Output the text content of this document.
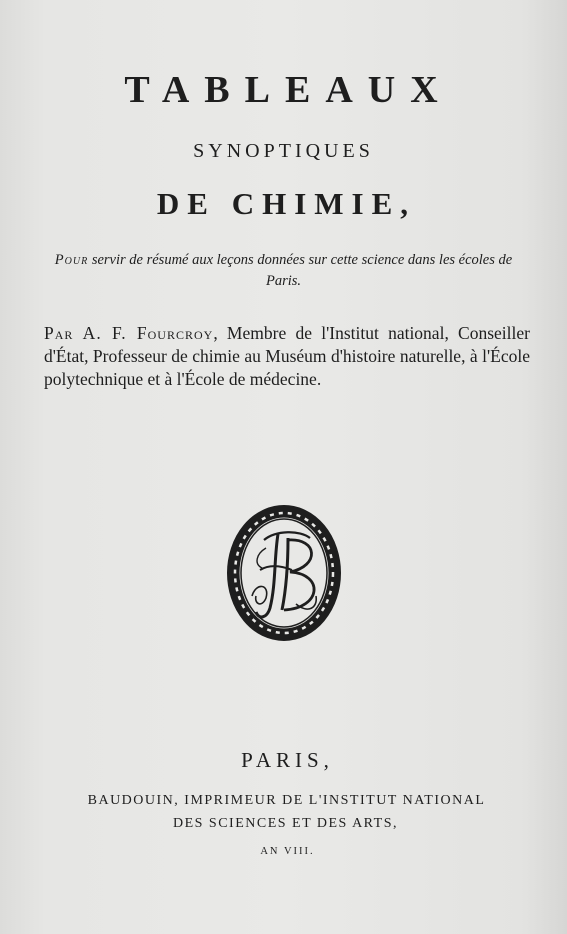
TABLEAUX

SYNOPTIQUES

DE CHIMIE,

Pour servir de résumé aux leçons données sur cette science dans les écoles de Paris.

Par A. F. Fourcroy, Membre de l'Institut national, Conseiller d'État, Professeur de chimie au Muséum d'histoire naturelle, à l'École polytechnique et à l'École de médecine.

PARIS,

BAUDOUIN, IMPRIMEUR DE L'INSTITUT NATIONAL

DES SCIENCES ET DES ARTS,

AN VIII.
